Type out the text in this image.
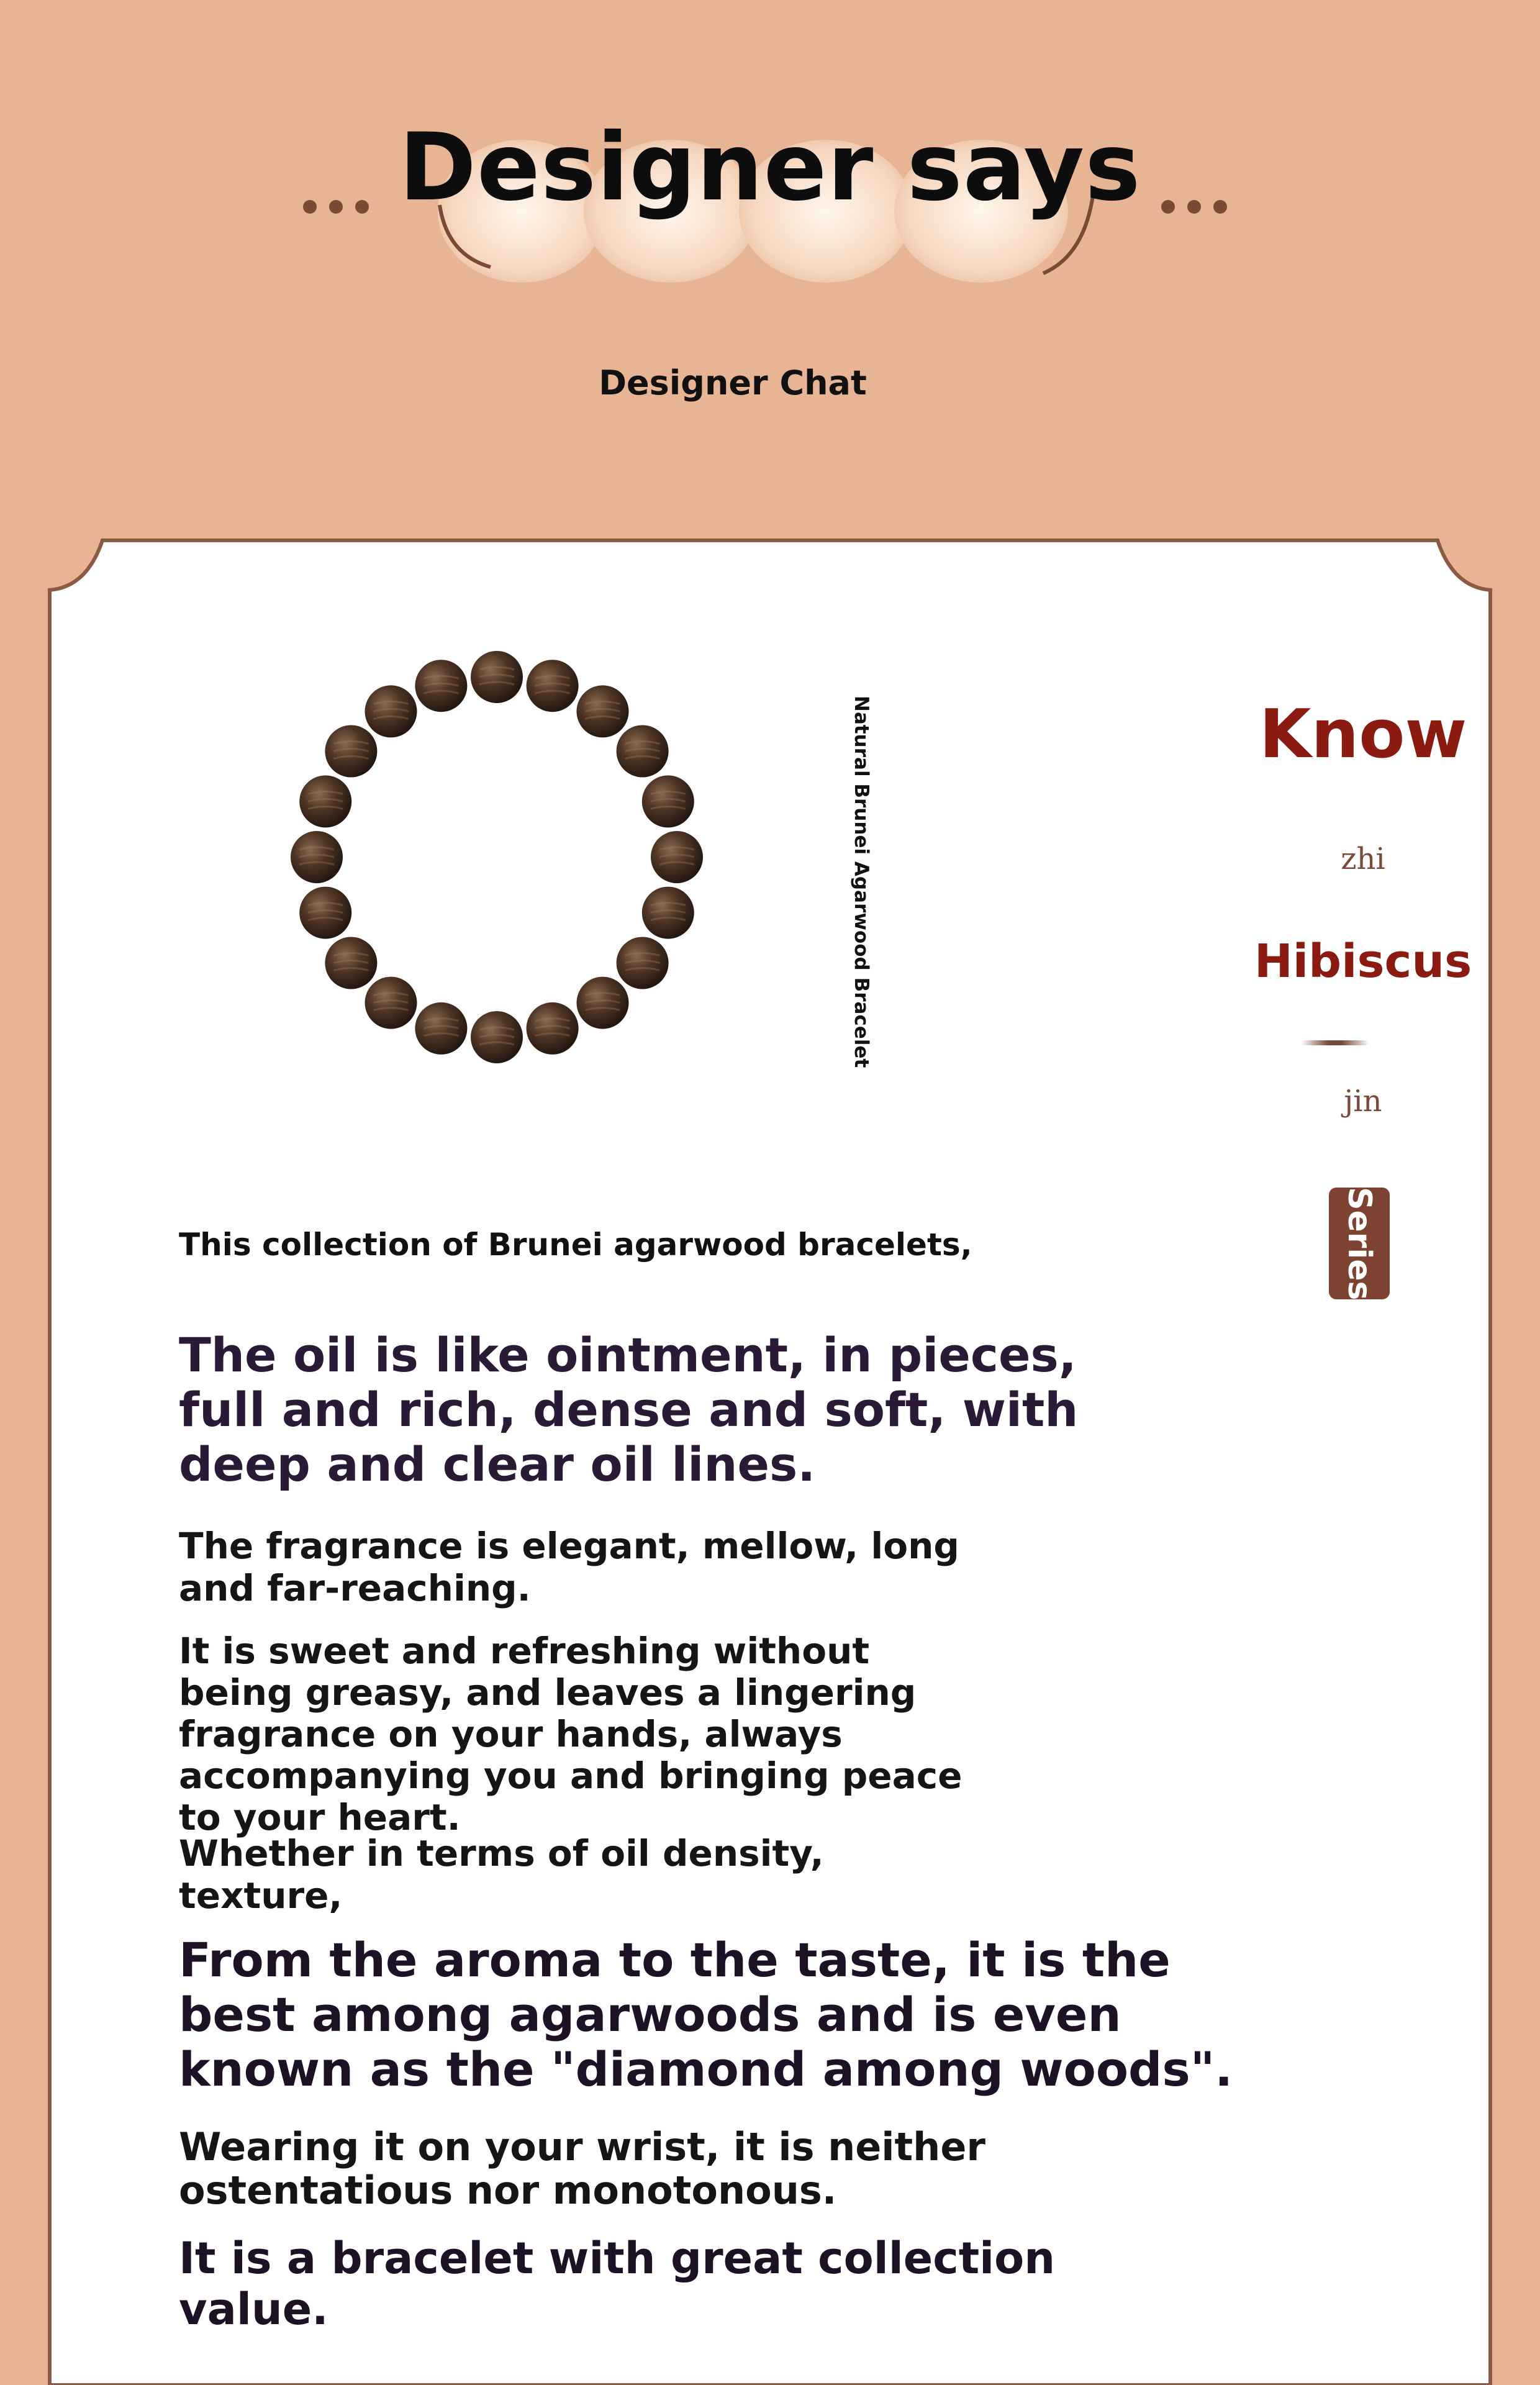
Designer says
Designer Chat
Natural Brunei Agarwood Bracelet	Know
zhi
Hibiscus
jin
Series

This collection of Brunei agarwood bracelets,

The oil is like ointment, in pieces, full and rich, dense and soft, with deep and clear oil lines.

The fragrance is elegant, mellow, long and far-reaching.

It is sweet and refreshing without being greasy, and leaves a lingering fragrance on your hands, always accompanying you and bringing peace to your heart.

Whether in terms of oil density, texture,

From the aroma to the taste, it is the best among agarwoods and is even known as the "diamond among woods".

Wearing it on your wrist, it is neither ostentatious nor monotonous.

It is a bracelet with great collection value.
